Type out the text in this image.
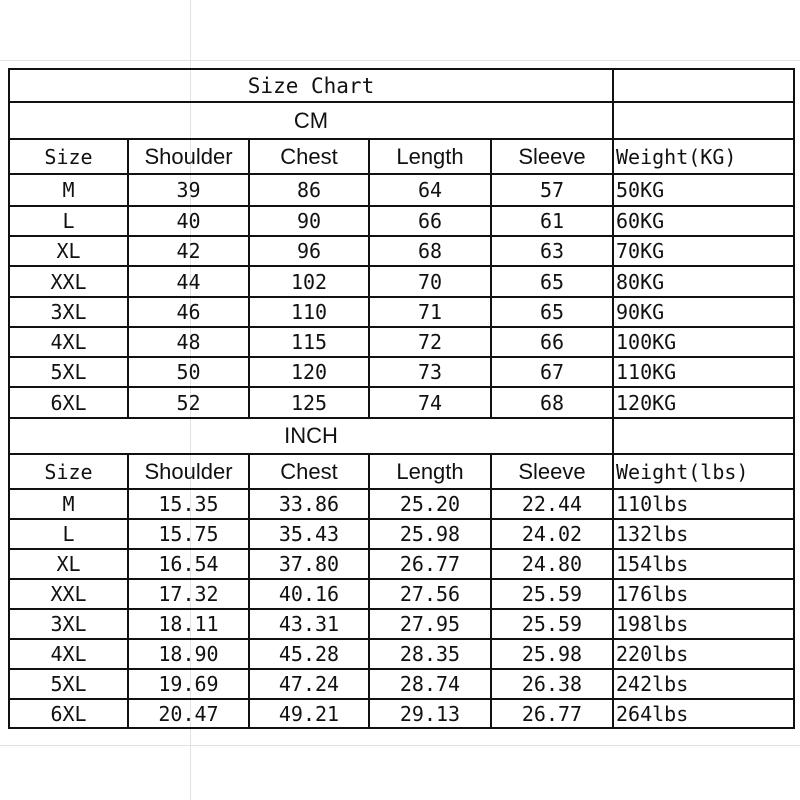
Size Chart					
CM					
Size	Shoulder	Chest	Length	Sleeve	Weight(KG)
M	39	86	64	57	50KG
L	40	90	66	61	60KG
XL	42	96	68	63	70KG
XXL	44	102	70	65	80KG
3XL	46	110	71	65	90KG
4XL	48	115	72	66	100KG
5XL	50	120	73	67	110KG
6XL	52	125	74	68	120KG
INCH					
Size	Shoulder	Chest	Length	Sleeve	Weight(lbs)
M	15.35	33.86	25.20	22.44	110lbs
L	15.75	35.43	25.98	24.02	132lbs
XL	16.54	37.80	26.77	24.80	154lbs
XXL	17.32	40.16	27.56	25.59	176lbs
3XL	18.11	43.31	27.95	25.59	198lbs
4XL	18.90	45.28	28.35	25.98	220lbs
5XL	19.69	47.24	28.74	26.38	242lbs
6XL	20.47	49.21	29.13	26.77	264lbs
